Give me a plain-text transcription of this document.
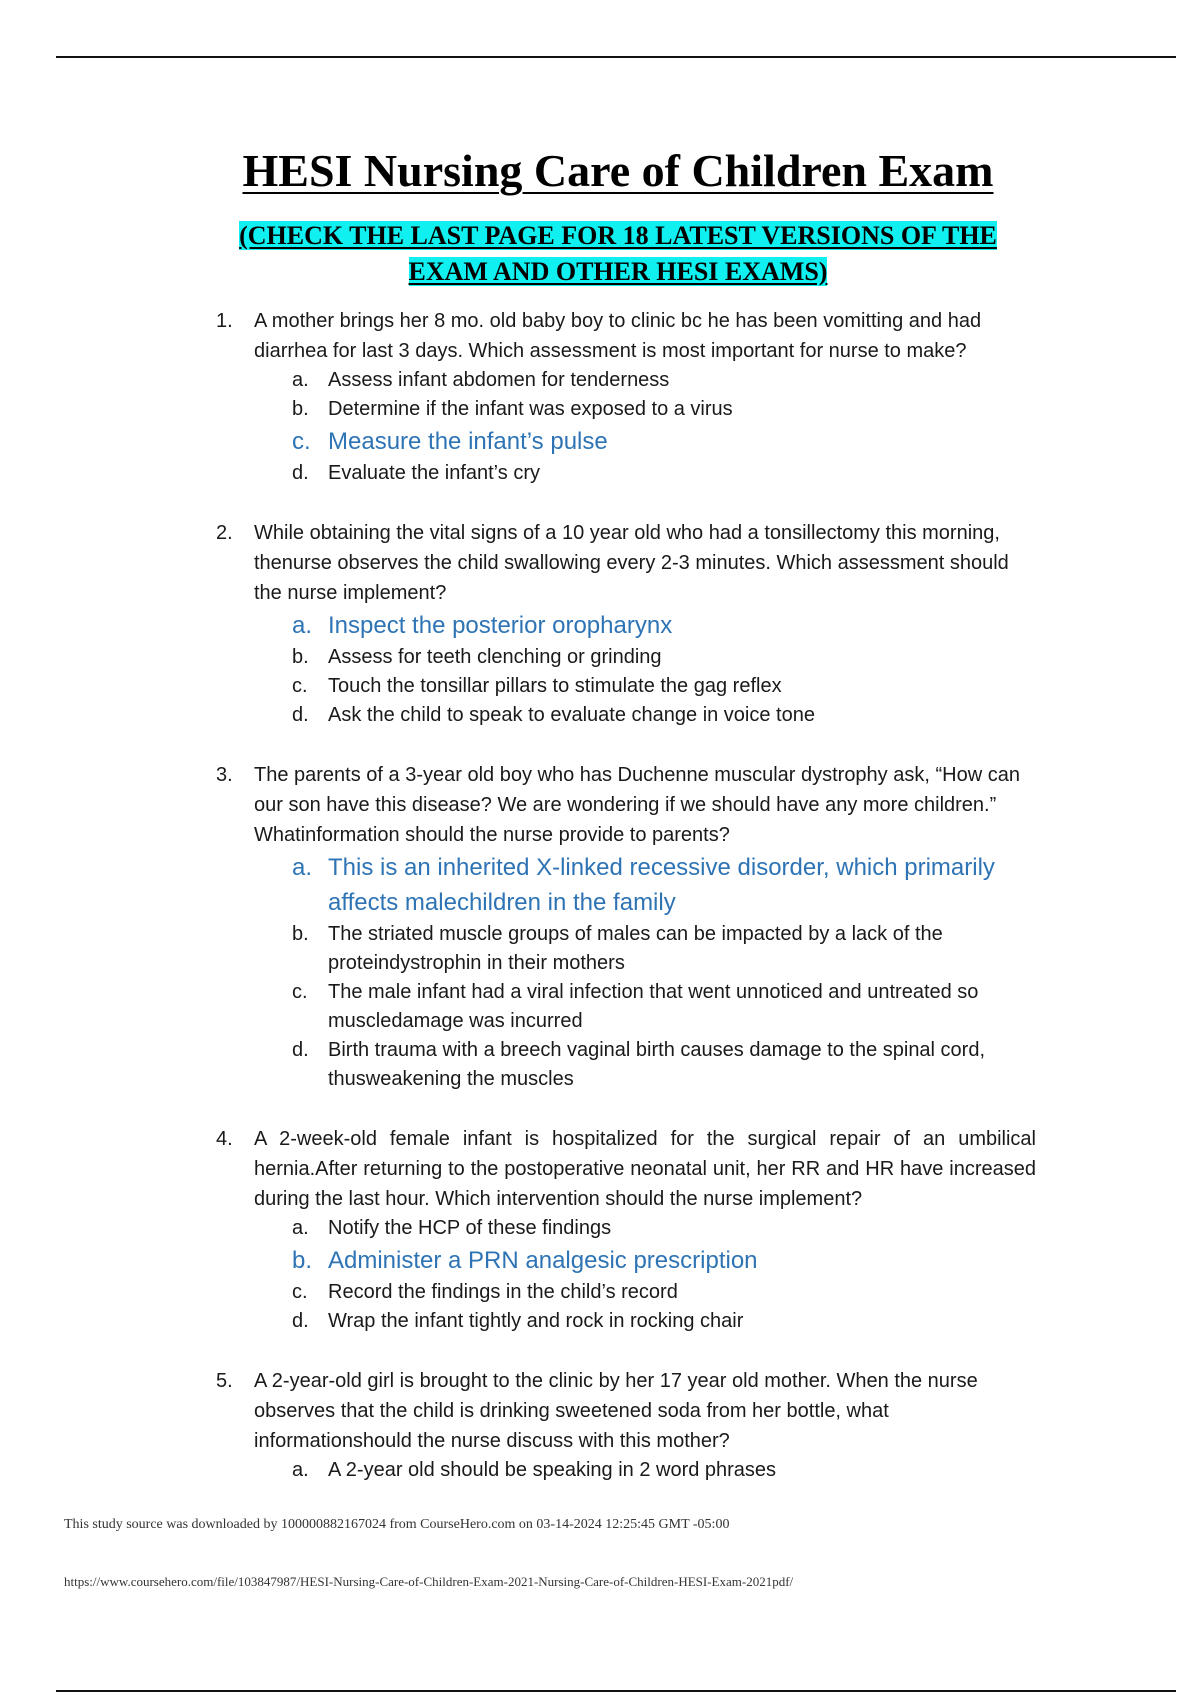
HESI Nursing Care of Children Exam
(CHECK THE LAST PAGE FOR 18 LATEST VERSIONS OF THE
EXAM AND OTHER HESI EXAMS)
1. A mother brings her 8 mo. old baby boy to clinic bc he has been vomitting and had diarrhea for last 3 days. Which assessment is most important for nurse to make?
a. Assess infant abdomen for tenderness
b. Determine if the infant was exposed to a virus
c. Measure the infant’s pulse
d. Evaluate the infant’s cry
2. While obtaining the vital signs of a 10 year old who had a tonsillectomy this morning, thenurse observes the child swallowing every 2-3 minutes. Which assessment should the nurse implement?
a. Inspect the posterior oropharynx
b. Assess for teeth clenching or grinding
c. Touch the tonsillar pillars to stimulate the gag reflex
d. Ask the child to speak to evaluate change in voice tone
3. The parents of a 3-year old boy who has Duchenne muscular dystrophy ask, “How can our son have this disease? We are wondering if we should have any more children.” Whatinformation should the nurse provide to parents?
a. This is an inherited X-linked recessive disorder, which primarily affects malechildren in the family
b. The striated muscle groups of males can be impacted by a lack of the proteindystrophin in their mothers
c. The male infant had a viral infection that went unnoticed and untreated so muscledamage was incurred
d. Birth trauma with a breech vaginal birth causes damage to the spinal cord, thusweakening the muscles
4. A 2-week-old female infant is hospitalized for the surgical repair of an umbilical hernia.After returning to the postoperative neonatal unit, her RR and HR have increased during the last hour. Which intervention should the nurse implement?
a. Notify the HCP of these findings
b. Administer a PRN analgesic prescription
c. Record the findings in the child’s record
d. Wrap the infant tightly and rock in rocking chair
5. A 2-year-old girl is brought to the clinic by her 17 year old mother. When the nurse observes that the child is drinking sweetened soda from her bottle, what informationshould the nurse discuss with this mother?
a. A 2-year old should be speaking in 2 word phrases
This study source was downloaded by 100000882167024 from CourseHero.com on 03-14-2024 12:25:45 GMT -05:00
https://www.coursehero.com/file/103847987/HESI-Nursing-Care-of-Children-Exam-2021-Nursing-Care-of-Children-HESI-Exam-2021pdf/
